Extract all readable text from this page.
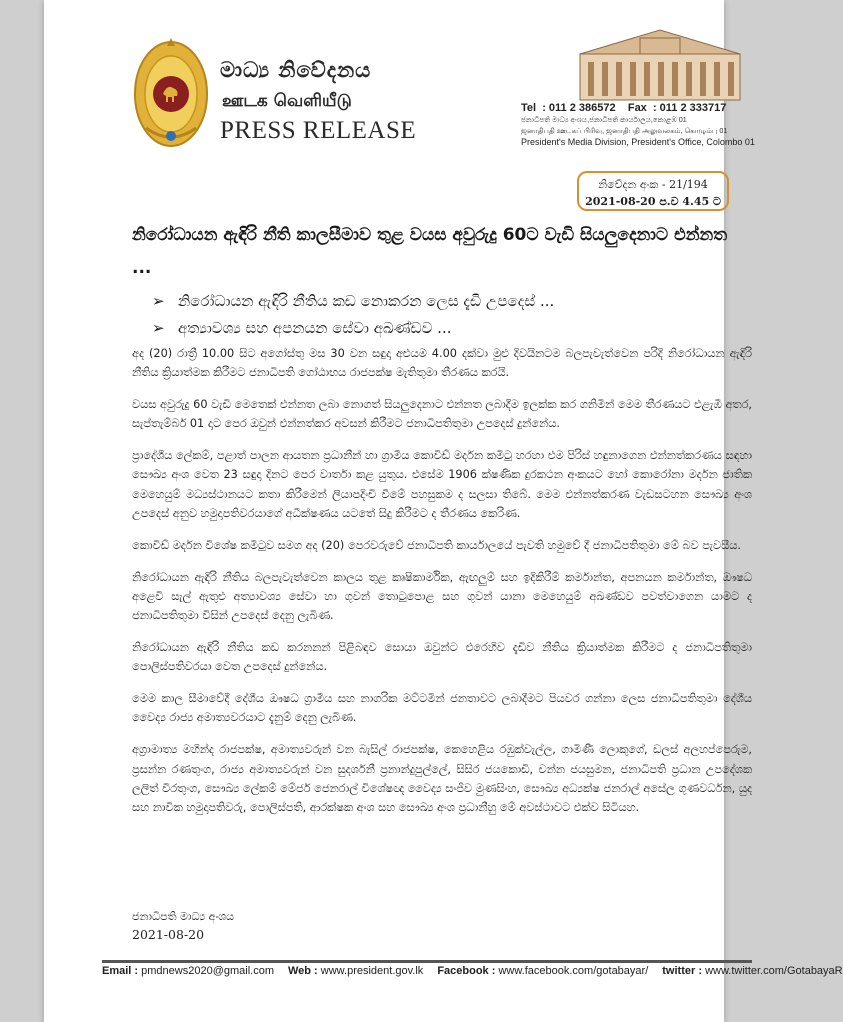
මාධ්‍ය නිවේදනය
ஊடக வெளியீடு
PRESS RELEASE
Tel : 011 2 386572 Fax : 011 2 333717
ජනාධිපති මාධ්‍ය අංශය,ජනාධිපති කාර්යාලය,කොළඹ 01
ஜனாதிபதி ஊடகப் பிரிவு, ஜனாதிபதி அலுவலகம், கொழும்பு 01
President's Media Division, President's Office, Colombo 01
නිවේදන අංක - 21/194
2021-08-20 ප.ව 4.45 ට
නිරෝධායන ඇඳිරි නීති කාලසීමාව තුළ වයස අවුරුදු 60ට වැඩි සියලුදෙනාට එන්නත ...
➢ නිරෝධායන ඇඳිරි නීතිය කඩ නොකරන ලෙස දැඩි උපදෙස් ...
➢ අත්‍යාවශ්‍ය සහ අපනයන සේවා අඛණ්ඩව ...

අද (20) රාත්‍රී 10.00 සිට අගෝස්තු මස 30 වන සඳුදා අළුයම 4.00 දක්වා මුළු දිවයිනටම බලපැවැත්වෙන පරිදි නිරෝධායන ඇඳිරි නීතිය ක්‍රියාත්මක කිරීමට ජනාධිපති ගෝඨාභය රාජපක්ෂ මැතිතුමා තීරණය කරයි.

වයස අවුරුදු 60 වැඩි මෙතෙක් එන්නත ලබා නොගත් සියලුදෙනාට එන්නත ලබාදීම ඉලක්ක කර ගනිමින් මෙම තීරණයට එළැඹී අතර, සැප්තැම්බර් 01 දාට පෙර ඔවුන් එන්නත්කර අවසන් කිරීමට ජනාධිපතිතුමා උපදෙස් දුන්නේය.

ප්‍රාදේශීය ලේකම්, පළාත් පාලන ආයතන ප්‍රධානීන් හා ග්‍රාමීය කොවිඩ් මර්දන කමිටු හරහා එම පිරිස් හඳුනාගෙන එන්නත්කරණය සඳහා සෞඛ්‍ය අංශ වෙත 23 සඳුදා දිනට පෙර වාර්තා කළ යුතුය. එසේම 1906 ක්ෂණික දුරකථන අංකයට හෝ කොරෝනා මර්දන ජාතික මෙහෙයුම් මධ්‍යස්ථානයට කතා කිරීමෙන් ලියාපදිංචි වීමේ පහසුකම ද සලසා තිබේ. මෙම එන්නත්කරණ වැඩසටහන සෞඛ්‍ය අංශ උපදෙස් අනුව හමුදාපතිවරයාගේ අධීක්ෂණය යටතේ සිදු කිරීමට ද තීරණය කෙරිණ.

කොවිඩ් මර්දන විශේෂ කමිටුව සමග අද (20) පෙරවරුවේ ජනාධිපති කාර්යාලයේ පැවති හමුවේ දී ජනාධිපතිතුමා මේ බව පැවසීය.

නිරෝධායන ඇඳිරි නීතිය බලපැවැත්වෙන කාලය තුළ කෘෂිකාර්මික, ඇඟලුම් සහ ඉදිකිරීම් කර්මාන්ත, අපනයන කර්මාන්ත, ඖෂධ අළෙවි සැල් ඇතුළු අත්‍යාවශ්‍ය සේවා හා ගුවන් තොටුපොළ සහ ගුවන් යානා මෙහෙයුම් අඛණ්ඩව පවත්වාගෙන යාමට ද ජනාධිපතිතුමා විසින් උපදෙස් දෙනු ලැබිණ.

නිරෝධායන ඇඳිරි නීතිය කඩ කරනනන් පිළිබඳව සොයා ඔවුන්ට එරෙහිව දැඩිව නීතිය ක්‍රියාත්මක කිරීමට ද ජනාධිපතිතුමා පොලිස්පතිවරයා වෙත උපදෙස් දුන්නේය.

මෙම කාල සීමාවේදී දේශීය ඖෂධ ග්‍රාමීය සහ නාගරික මට්ටමින් ජනතාවට ලබාදීමට පියවර ගන්නා ලෙස ජනාධිපතිතුමා දේශීය වෛද්‍ය රාජ්‍ය අමාත්‍යවරයාට දැනුම් දෙනු ලැබිණ.

අග්‍රාමාත්‍ය මහින්ද රාජපක්ෂ, අමාත්‍යවරුන් වන බැසිල් රාජපක්ෂ, කෙහෙළිය රඹුක්වැල්ල, ගාමිණී ලොකුගේ, ඩලස් අලහප්පෙරුම, ප්‍රසන්න රණතුංග, රාජ්‍ය අමාත්‍යවරුන් වන සුදර්ශනී ප්‍රනාන්දුපුල්ලේ, සිසිර ජයකොඩි, චන්න ජයසුමන, ජනාධිපති ප්‍රධාන උපදේශක ලලිත් වීරතුංග, සෞඛ්‍ය ලේකම් මේජර් ජෙනරාල් විශේෂඥ වෛද්‍ය සංජීව මුණසිංහ, සෞඛ්‍ය අධ්‍යක්ෂ ජනරාල් අසේල ගුණවර්ධන, යුද සහ නාවික හමුදාපතිවරු, පොලිස්පති, ආරක්ෂක අංශ සහ සෞඛ්‍ය අංශ ප්‍රධානීහු මේ අවස්ථාවට එක්ව සිටියහ.

ජනාධිපති මාධ්‍ය අංශය
2021-08-20
Email : pmdnews2020@gmail.com Web : www.president.gov.lk Facebook : www.facebook.com/gotabayar/ twitter : www.twitter.com/GotabayaR
